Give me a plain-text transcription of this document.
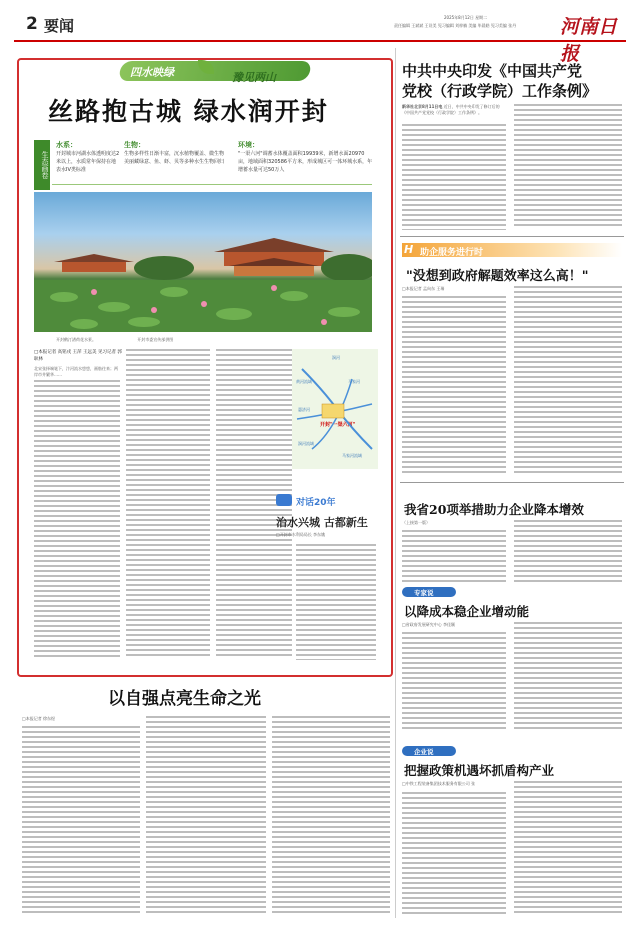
2 要闻	2025年8月12日 星期二
责任编辑 王斌斌 王设美 见习编辑 刘梓楠 美编 毕晨皓 见习美编 张丹	河南日报
四水映绿	豫见两山
丝路抱古城 绿水润开封
生态画卷
水系：
开封城市河湖水体透明度达2米以上，水质常年保持在地表水IV类标准
生物：
生物多样性日渐丰富，沉水植物覆盖、微生物美丽藏绿意、鱼、虾、贝等多种水生生物回归
环境：
"一渠六河"调蓄水体覆盖面积19939米，新增水面20970亩，地域面积320586平方米，形成城区可一体环城水系，年增蓄水量可达50万人
开封鹤汀渚荷花水景。	开封市委宣传部供图
□本报记者 高铭戌 王萍 王远美 见习记者 郭耿林
北宋张择端笔下，汴河流水悠悠，画舫往来；两岸市井繁华……
开封"一渠六河"
涧河
黄河流域	马家河
惠济河
涧河流域
马家河流域
对话20年
治水兴城 古都新生
□开封市水利局局长 李东娥
中共中央印发《中国共产党
党校（行政学院）工作条例》
新华社北京8月11日电 近日，中共中央印发了修订后的《中国共产党党校（行政学院）工作条例》。
H 助企服务进行时
"没想到政府解题效率这么高！"
□本报记者 孟向东 王瑞
我省20项举措助力企业降本增效
（上接第一版）
专家说
以降成本稳企业增动能
□省政府发展研究中心 李佳颖
以自强点亮生命之光
□本报记者 徐东煜
企业说
把握政策机遇坏抓盾构产业
□中铁工程装备集团技术服务有限公司 张
